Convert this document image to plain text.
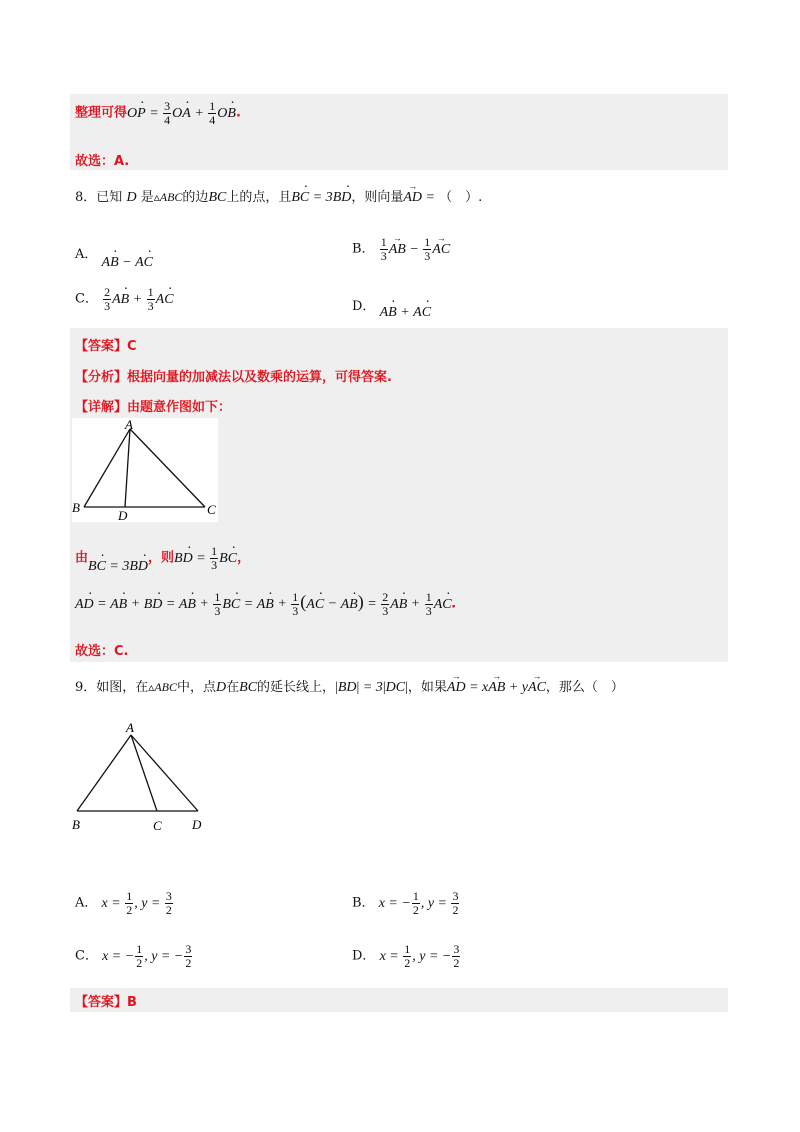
整理可得· OP = $\frac{3}{4}$ · OA + $\frac{1}{4}$ · OB.
故选：A.
8．已知 D 是▵ABC的边BC上的点，且· BC = 3· BD，则向量→ AD = （　）.
A． · AB − · AC
B． $\frac{1}{3}$ → AB − $\frac{1}{3}$ → AC
C． $\frac{2}{3}$ · AB + $\frac{1}{3}$ · AC	D． · AB + · AC
【答案】C
【分析】根据向量的加减法以及数乘的运算，可得答案.
【详解】由题意作图如下：
A
B
D	C
由· BC = 3· BD，则· BD = $\frac{1}{3}$ · BC，
· AD = · AB + · BD = · AB + $\frac{1}{3}$ · BC = · AB + $\frac{1}{3}$ (· AC − · $AB) = \frac{2}{3}$ · AB + $\frac{1}{3}$ · AC.
故选：C.
9．如图，在▵ABC中，点D在BC的延长线上，|BD| = 3|DC|，如果→ AD = x→ AB + y→ AC，那么（　）
A
B	C D
A． $x = \frac{1}{2}$ , $y = \frac{3}{2}$	B． x = − $\frac{1}{2}$ , $y = \frac{3}{2}$
C． x = − $\frac{1}{2}$ , y = − $\frac{3}{2}$	D． $x = \frac{1}{2}$ , y = − $\frac{3}{2}$
【答案】B
